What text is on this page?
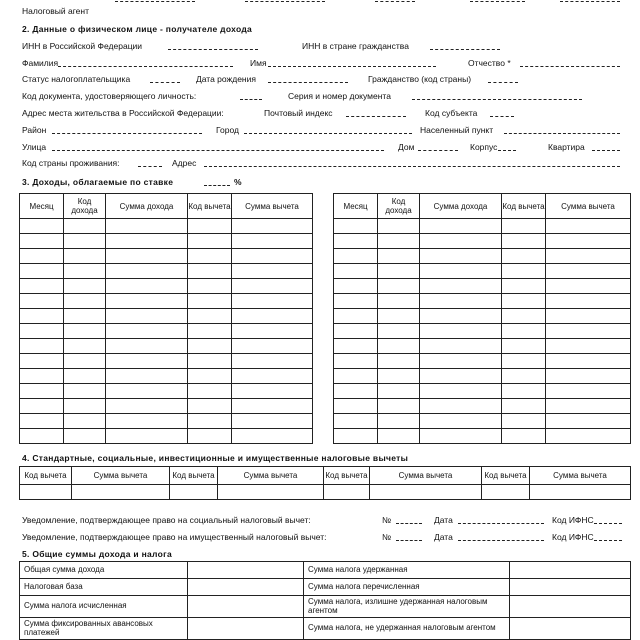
Налоговый агент
2. Данные о физическом лице - получателе дохода
ИНН в Российской Федерации	ИНН в стране гражданства
Фамилия	Имя	Отчество *
Статус налогоплательщика	Дата рождения	Гражданство (код страны)
Код документа, удостоверяющего личность:	Серия и номер документа
Адрес места жительства в Российской Федерации:	Почтовый индекс	Код субъекта
Район	Город	Населенный пункт
Улица	Дом	Корпус	Квартира
Код страны проживания:	Адрес
3. Доходы, облагаемые по ставке	%
Месяц	Код дохода	Сумма дохода	Код вычета	Сумма вычета

					Месяц	Код дохода	Сумма дохода	Код вычета	Сумма вычета

4. Стандартные, социальные, инвестиционные и имущественные налоговые вычеты
Код вычета	Сумма вычета	Код вычета	Сумма вычета	Код вычета	Сумма вычета	Код вычета	Сумма вычета

Уведомление, подтверждающее право на социальный налоговый вычет:	№	Дата	Код ИФНС
Уведомление, подтверждающее право на имущественный налоговый вычет:	№	Дата	Код ИФНС
5. Общие суммы дохода и налога
Общая сумма дохода		Сумма налога удержанная	
Налоговая база		Сумма налога перечисленная	
Сумма налога исчисленная		Сумма налога, излишне удержанная налоговым агентом	
Сумма фиксированных авансовых платежей		Сумма налога, не удержанная налоговым агентом	
